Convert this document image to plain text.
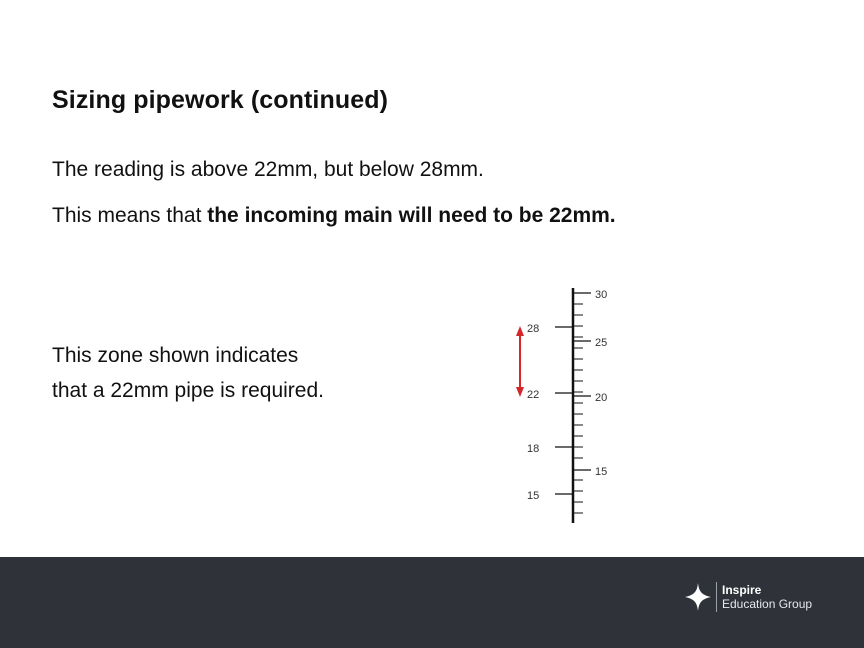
Sizing pipework (continued)
The reading is above 22mm, but below 28mm.
This means that the incoming main will need to be 22mm.
This zone shown indicates
that a 22mm pipe is required.
28
22
18
15
30
25
20
15
Inspire
Education Group
